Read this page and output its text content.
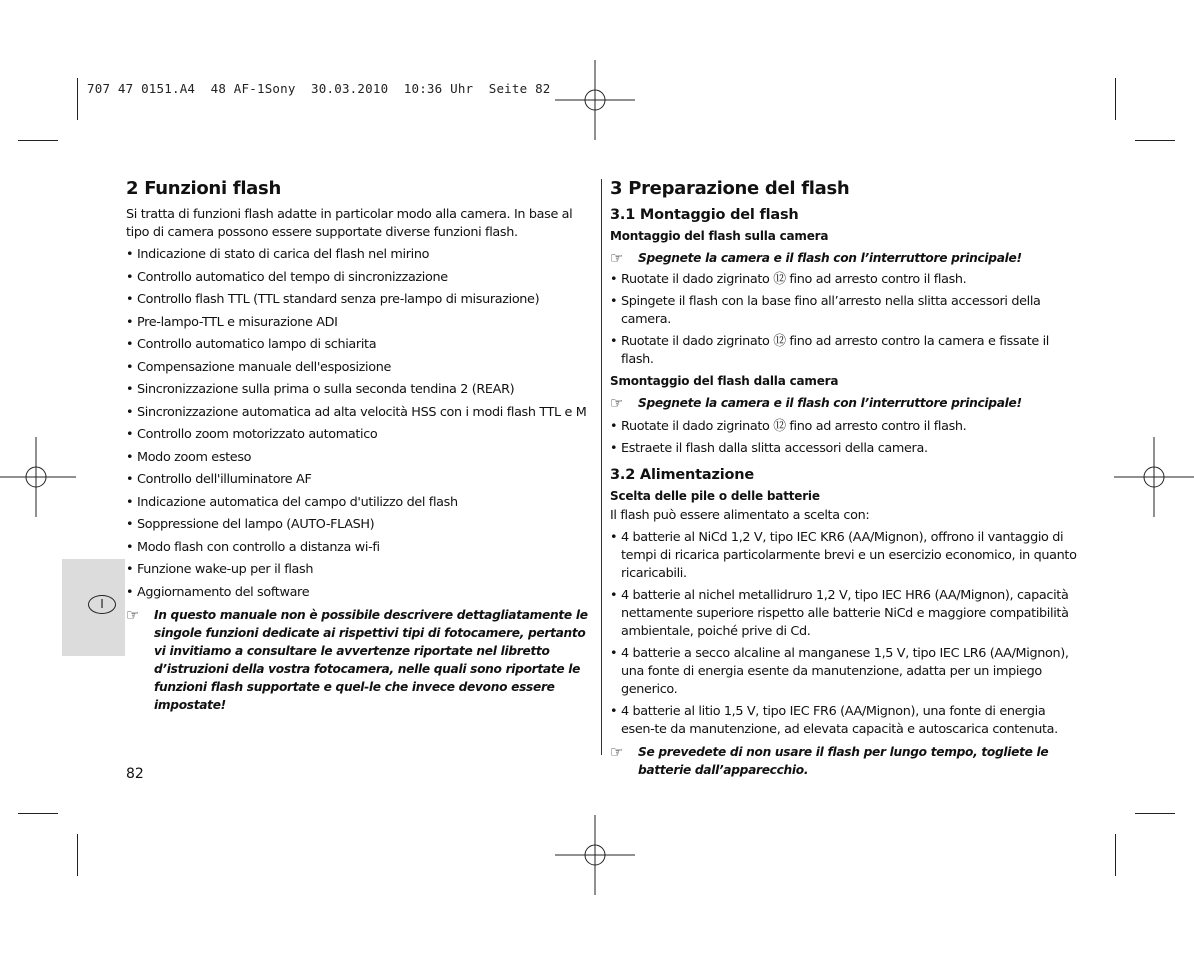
707 47 0151.A4  48 AF-1Sony  30.03.2010  10:36 Uhr  Seite 82
I
2 Funzioni flash

Si tratta di funzioni flash adatte in particolar modo alla camera. In base al tipo di camera possono essere supportate diverse funzioni flash.

• Indicazione di stato di carica del flash nel mirino
• Controllo automatico del tempo di sincronizzazione
• Controllo flash TTL (TTL standard senza pre-lampo di misurazione)
• Pre-lampo-TTL e misurazione ADI
• Controllo automatico lampo di schiarita
• Compensazione manuale dell'esposizione
• Sincronizzazione sulla prima o sulla seconda tendina 2 (REAR)
• Sincronizzazione automatica ad alta velocità HSS con i modi flash TTL e M
• Controllo zoom motorizzato automatico
• Modo zoom esteso
• Controllo dell'illuminatore AF
• Indicazione automatica del campo d'utilizzo del flash
• Soppressione del lampo (AUTO-FLASH)
• Modo flash con controllo a distanza wi-fi
• Funzione wake-up per il flash
• Aggiornamento del software
☞ In questo manuale non è possibile descrivere dettagliatamente le singole funzioni dedicate ai rispettivi tipi di fotocamere, pertanto vi invitiamo a consultare le avvertenze riportate nel libretto d’istruzioni della vostra fotocamera, nelle quali sono riportate le funzioni flash supportate e quel-le che invece devono essere impostate!
3 Preparazione del flash
3.1 Montaggio del flash
Montaggio del flash sulla camera
☞ Spegnete la camera e il flash con l’interruttore principale!
• Ruotate il dado zigrinato ⑫ fino ad arresto contro il flash.
• Spingete il flash con la base fino all’arresto nella slitta accessori della camera.
• Ruotate il dado zigrinato ⑫ fino ad arresto contro la camera e fissate il flash.
Smontaggio del flash dalla camera
☞ Spegnete la camera e il flash con l’interruttore principale!
• Ruotate il dado zigrinato ⑫ fino ad arresto contro il flash.
• Estraete il flash dalla slitta accessori della camera.
3.2 Alimentazione
Scelta delle pile o delle batterie

Il flash può essere alimentato a scelta con:

• 4 batterie al NiCd 1,2 V, tipo IEC KR6 (AA/Mignon), offrono il vantaggio di tempi di ricarica particolarmente brevi e un esercizio economico, in quanto ricaricabili.
• 4 batterie al nichel metallidruro 1,2 V, tipo IEC HR6 (AA/Mignon), capacità nettamente superiore rispetto alle batterie NiCd e maggiore compatibilità ambientale, poiché prive di Cd.
• 4 batterie a secco alcaline al manganese 1,5 V, tipo IEC LR6 (AA/Mignon), una fonte di energia esente da manutenzione, adatta per un impiego generico.
• 4 batterie al litio 1,5 V, tipo IEC FR6 (AA/Mignon), una fonte di energia esen-te da manutenzione, ad elevata capacità e autoscarica contenuta.
☞ Se prevedete di non usare il flash per lungo tempo, togliete le batterie dall’apparecchio.
82
